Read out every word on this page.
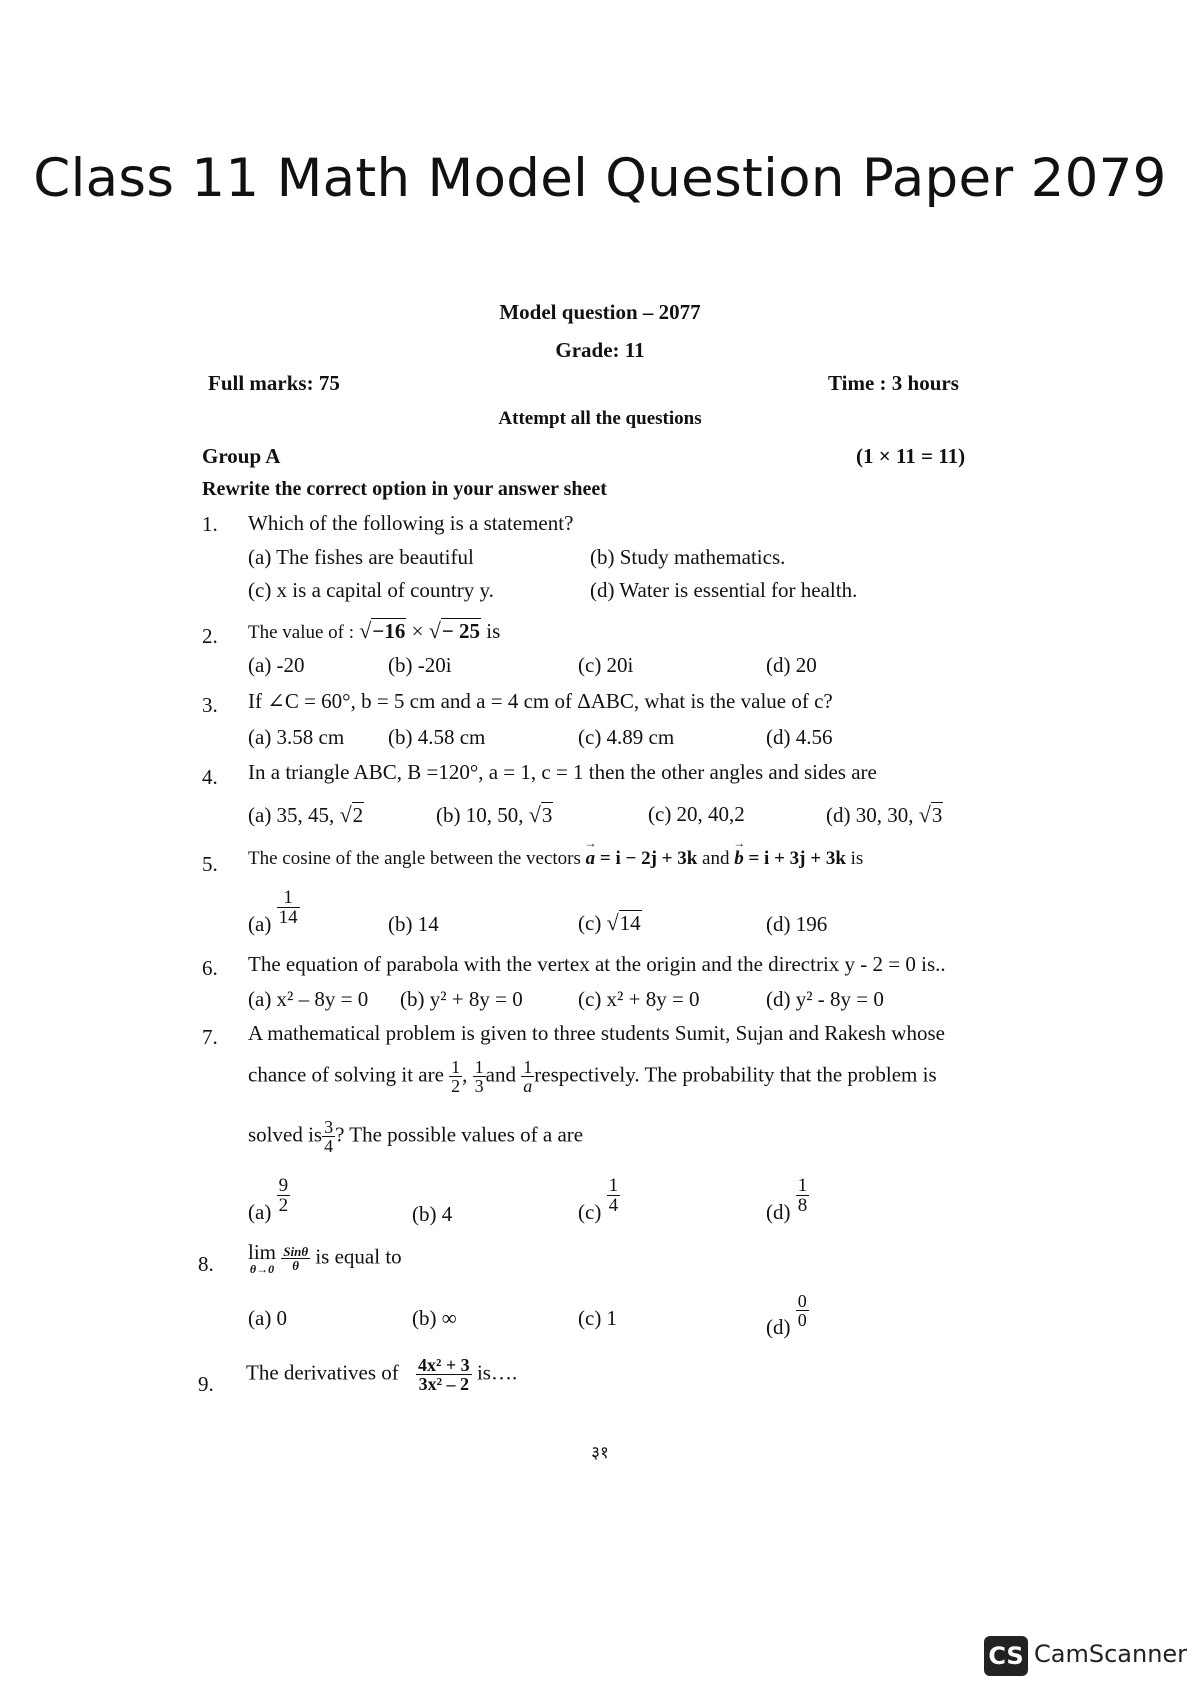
Class 11 Math Model Question Paper 2079
Model question – 2077
Grade: 11
Full marks: 75	Time : 3 hours
Attempt all the questions
Group A	(1 × 11 = 11)
Rewrite the correct option in your answer sheet
1.	Which of the following is a statement?
(a) The fishes are beautiful	(b) Study mathematics.
(c) x is a capital of country y.	(d) Water is essential for health.
2.	The value of : √−16 × √− 25 is
(a) -20	(b) -20i	(c) 20i	(d) 20
3.	If ∠C = 60°, b = 5 cm and a = 4 cm of ΔABC, what is the value of c?
(a) 3.58 cm (b) 4.58 cm	(c) 4.89 cm	(d) 4.56
4.	In a triangle ABC, B =120°, a = 1, c = 1 then the other angles and sides are
(a) 35, 45, √2	(b) 10, 50, √3	(c) 20, 40,2	(d) 30, 30, √3
5.	The cosine of the angle between the vectors a → = i − 2j + 3k and b → = i + 3j + 3k is
$(a) \frac{1}{14}$	(b) 14	(c) √14	(d) 196
6.	The equation of parabola with the vertex at the origin and the directrix y - 2 = 0 is..
(a) x² – 8y = 0 (b) y² + 8y = 0	(c) x² + 8y = 0	(d) y² - 8y = 0
7.	A mathematical problem is given to three students Sumit, Sujan and Rakesh whose
chance of solving it are $\frac{1}{2}$ , $\frac{1}{3}$ and $\frac{1}{a}$ respectively. The probability that the problem is
solved is $\frac{3}{4}$ ? The possible values of a are
$(a) \frac{9}{2}$	(b) 4	$(c) \frac{1}{4}$	$(d) \frac{1}{8}$
8.	lim
θ→0
$\frac{\text{Sinθ}}{\theta}$ is equal to
(a) 0	(b) ∞	(c) 1	$(d) \frac{0}{0}$
9.	The derivatives of $\frac{\text{4x² + 3}}{\text{3x² – 2}}$ is….
३१
CS CamScanner
